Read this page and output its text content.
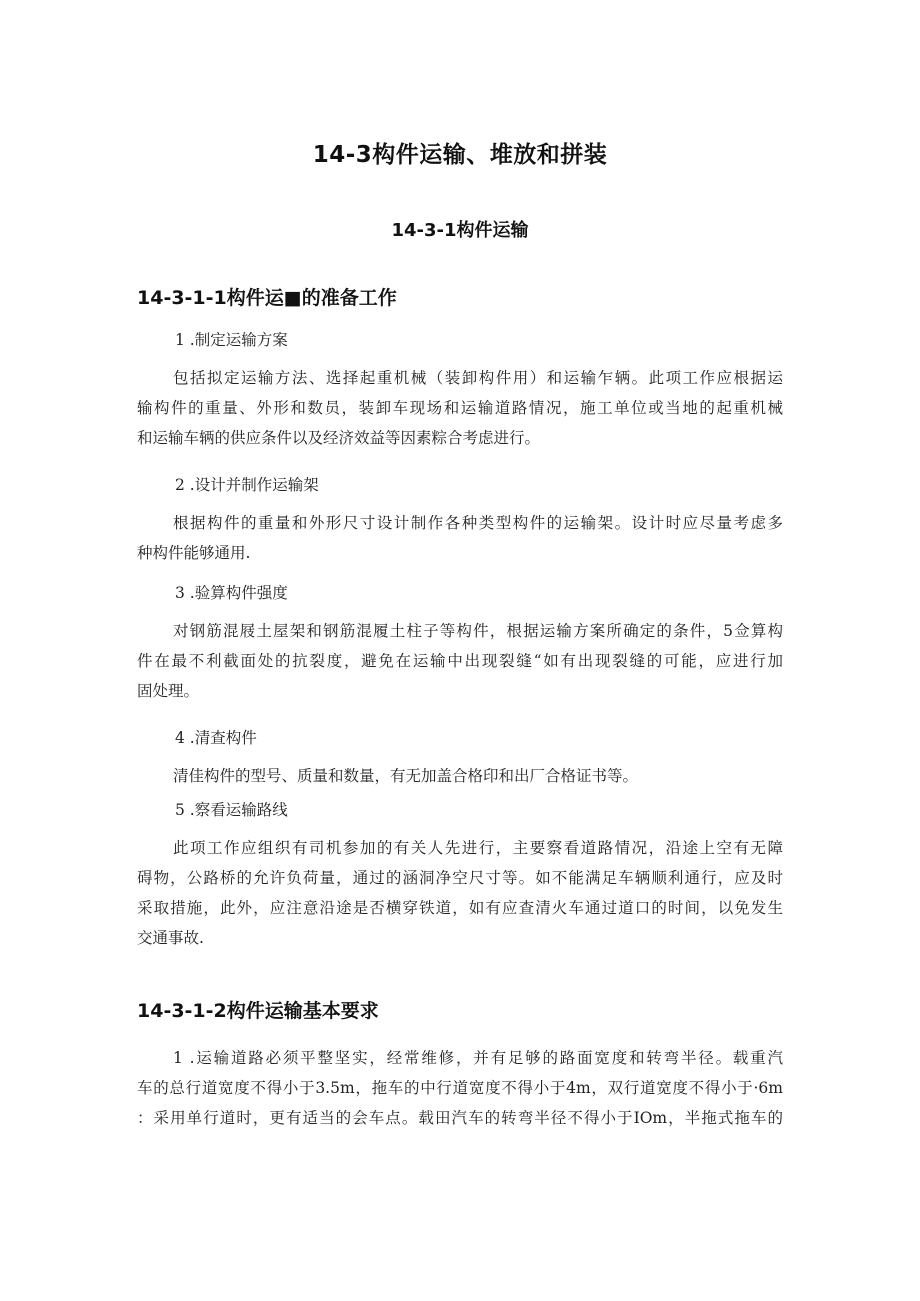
14-3构件运输、堆放和拼装
14-3-1构件运输
14-3-1-1构件运■的准备工作
1 .制定运输方案
包括拟定运输方法、选择起重机械（装卸构件用）和运输乍辆。此项工作应根据运
输构件的重量、外形和数员，装卸车现场和运输道路情况，施工单位或当地的起重机械
和运输车辆的供应条件以及经济效益等因素粽合考虑进行。
2 .设计并制作运输架
根据构件的重量和外形尺寸设计制作各种类型构件的运输架。设计时应尽量考虑多
种构件能够通用.
3 .验算构件强度
对钢筋混屐土屋架和钢筋混履土柱子等构件，根据运输方案所确定的条件，5佥算构
件在最不利截面处的抗裂度，避免在运输中出现裂缝“如有出现裂缝的可能，应进行加
固处理。
4 .清查构件
清佳构件的型号、质量和数量，有无加盖合格印和出厂合格证书等。
5 .察看运输路线
此项工作应组织有司机参加的有关人先进行，主要察看道路情况，沿途上空有无障
碍物，公路桥的允许负荷量，通过的涵洞净空尺寸等。如不能满足车辆顺利通行，应及时
采取措施，此外，应注意沿途是否横穿铁道，如有应查清火车通过道口的时间，以免发生
交通事故.
14-3-1-2构件运输基本要求
1 .运输道路必须平整坚实，经常维修，并有足够的路面宽度和转弯半径。载重汽
车的总行道宽度不得小于3.5m，拖车的中行道宽度不得小于4m，双行道宽度不得小于·6m
：采用单行道时，更有适当的会车点。载田汽车的转弯半径不得小于IOm，半拖式拖车的
